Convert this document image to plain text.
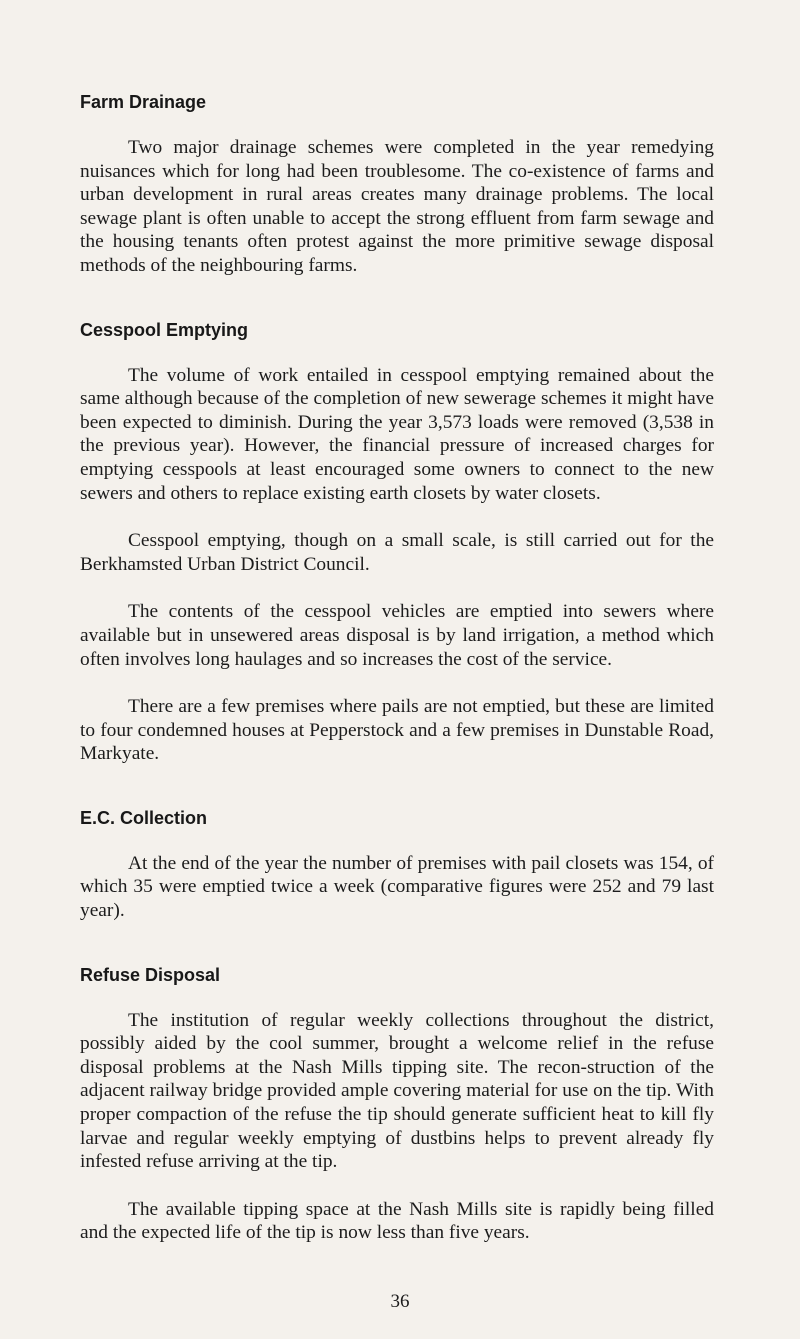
Farm Drainage

Two major drainage schemes were completed in the year remedying nuisances which for long had been troublesome. The co-existence of farms and urban development in rural areas creates many drainage problems. The local sewage plant is often unable to accept the strong effluent from farm sewage and the housing tenants often protest against the more primitive sewage disposal methods of the neighbouring farms.

Cesspool Emptying

The volume of work entailed in cesspool emptying remained about the same although because of the completion of new sewerage schemes it might have been expected to diminish. During the year 3,573 loads were removed (3,538 in the previous year). However, the financial pressure of increased charges for emptying cesspools at least encouraged some owners to connect to the new sewers and others to replace existing earth closets by water closets.

Cesspool emptying, though on a small scale, is still carried out for the Berkhamsted Urban District Council.

The contents of the cesspool vehicles are emptied into sewers where available but in unsewered areas disposal is by land irrigation, a method which often involves long haulages and so increases the cost of the service.

There are a few premises where pails are not emptied, but these are limited to four condemned houses at Pepperstock and a few premises in Dunstable Road, Markyate.

E.C. Collection

At the end of the year the number of premises with pail closets was 154, of which 35 were emptied twice a week (comparative figures were 252 and 79 last year).

Refuse Disposal

The institution of regular weekly collections throughout the district, possibly aided by the cool summer, brought a welcome relief in the refuse disposal problems at the Nash Mills tipping site. The recon-struction of the adjacent railway bridge provided ample covering material for use on the tip. With proper compaction of the refuse the tip should generate sufficient heat to kill fly larvae and regular weekly emptying of dustbins helps to prevent already fly infested refuse arriving at the tip.

The available tipping space at the Nash Mills site is rapidly being filled and the expected life of the tip is now less than five years.

36
